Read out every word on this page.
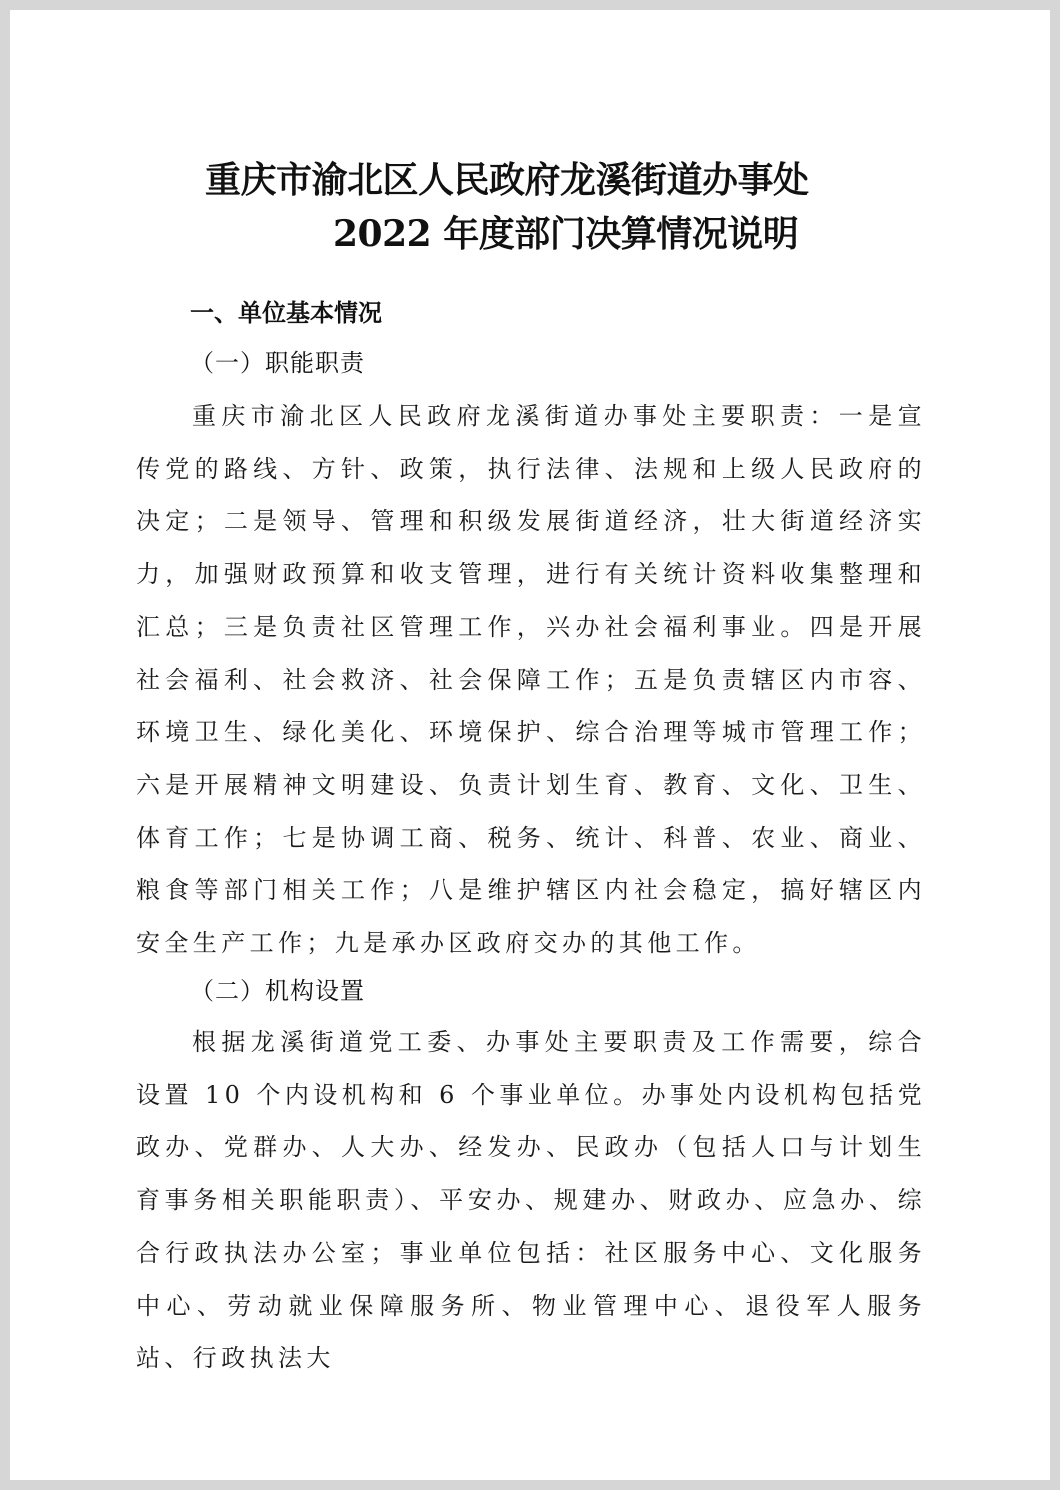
重庆市渝北区人民政府龙溪街道办事处
2022 年度部门决算情况说明
一、单位基本情况
（一）职能职责

重庆市渝北区人民政府龙溪街道办事处主要职责：一是宣传党的路线、方针、政策，执行法律、法规和上级人民政府的决定；二是领导、管理和积级发展街道经济，壮大街道经济实力，加强财政预算和收支管理，进行有关统计资料收集整理和汇总；三是负责社区管理工作，兴办社会福利事业。四是开展社会福利、社会救济、社会保障工作；五是负责辖区内市容、环境卫生、绿化美化、环境保护、综合治理等城市管理工作；六是开展精神文明建设、负责计划生育、教育、文化、卫生、体育工作；七是协调工商、税务、统计、科普、农业、商业、粮食等部门相关工作；八是维护辖区内社会稳定，搞好辖区内安全生产工作；九是承办区政府交办的其他工作。

（二）机构设置

根据龙溪街道党工委、办事处主要职责及工作需要，综合设置 10 个内设机构和 6 个事业单位。办事处内设机构包括党政办、党群办、人大办、经发办、民政办（包括人口与计划生育事务相关职能职责）、平安办、规建办、财政办、应急办、综合行政执法办公室；事业单位包括：社区服务中心、文化服务中心、劳动就业保障服务所、物业管理中心、退役军人服务站、行政执法大
